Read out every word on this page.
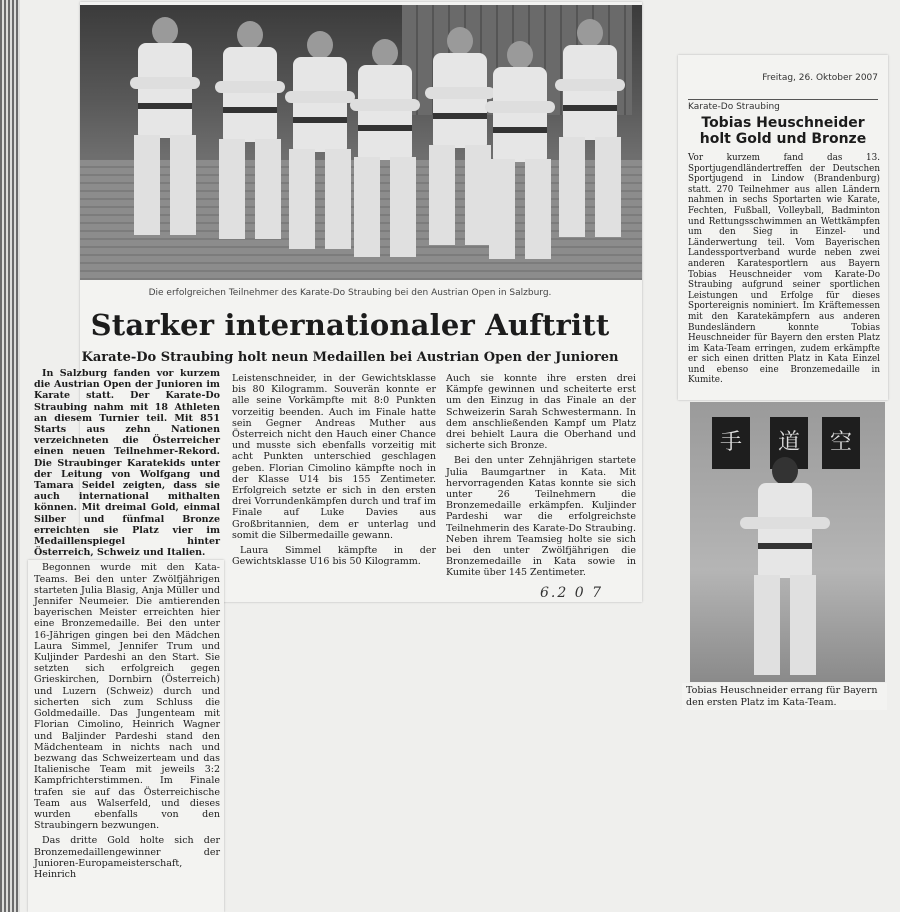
Die erfolgreichen Teilnehmer des Karate-Do Straubing bei den Austrian Open in Salzburg.
Starker internationaler Auftritt
Karate-Do Straubing holt neun Medaillen bei Austrian Open der Junioren

In Salzburg fanden vor kurzem die Austrian Open der Junioren im Karate statt. Der Karate-Do Straubing nahm mit 18 Athleten an diesem Turnier teil. Mit 851 Starts aus zehn Nationen verzeichneten die Österreicher einen neuen Teilnehmer-Rekord. Die Straubinger Karatekids unter der Leitung von Wolfgang und Tamara Seidel zeigten, dass sie auch international mithalten können. Mit dreimal Gold, einmal Silber und fünfmal Bronze erreichten sie Platz vier im Medaillenspiegel hinter Österreich, Schweiz und Italien.

Begonnen wurde mit den Kata-Teams. Bei den unter Zwölfjährigen starteten Julia Blasig, Anja Müller und Jennifer Neumeier. Die amtierenden bayerischen Meister erreichten hier eine Bronzemedaille. Bei den unter 16-Jährigen gingen bei den Mädchen Laura Simmel, Jennifer Trum und Kuljinder Pardeshi an den Start. Sie setzten sich erfolgreich gegen Grieskirchen, Dornbirn (Österreich) und Luzern (Schweiz) durch und sicherten sich zum Schluss die Goldmedaille. Das Jungenteam mit Florian Cimolino, Heinrich Wagner und Baljinder Pardeshi stand den Mädchenteam in nichts nach und bezwang das Schweizerteam und das Italienische Team mit jeweils 3:2 Kampfrichterstimmen. Im Finale trafen sie auf das Österreichische Team aus Walserfeld, und dieses wurden ebenfalls von den Straubingern bezwungen.

Das dritte Gold holte sich der Bronzemedaillengewinner der Junioren-Europameisterschaft, Heinrich

Leistenschneider, in der Gewichtsklasse bis 80 Kilogramm. Souverän konnte er alle seine Vorkämpfte mit 8:0 Punkten vorzeitig beenden. Auch im Finale hatte sein Gegner Andreas Muther aus Österreich nicht den Hauch einer Chance und musste sich ebenfalls vorzeitig mit acht Punkten unterschied geschlagen geben. Florian Cimolino kämpfte noch in der Klasse U14 bis 155 Zentimeter. Erfolgreich setzte er sich in den ersten drei Vorrundenkämpfen durch und traf im Finale auf Luke Davies aus Großbritannien, dem er unterlag und somit die Silbermedaille gewann.

Laura Simmel kämpfte in der Gewichtsklasse U16 bis 50 Kilogramm.

Auch sie konnte ihre ersten drei Kämpfe gewinnen und scheiterte erst um den Einzug in das Finale an der Schweizerin Sarah Schwestermann. In dem anschließenden Kampf um Platz drei behielt Laura die Oberhand und sicherte sich Bronze.

Bei den unter Zehnjährigen startete Julia Baumgartner in Kata. Mit hervorragenden Katas konnte sie sich unter 26 Teilnehmern die Bronzemedaille erkämpfen. Kuljinder Pardeshi war die erfolgreichste Teilnehmerin des Karate-Do Straubing. Neben ihrem Teamsieg holte sie sich bei den unter Zwölfjährigen die Bronzemedaille in Kata sowie in Kumite über 145 Zentimeter.

6.2 0 7
Freitag, 26. Oktober 2007
Karate-Do Straubing
Tobias Heuschneider holt Gold und Bronze
Vor kurzem fand das 13. Sportjugendländertreffen der Deutschen Sportjugend in Lindow (Brandenburg) statt. 270 Teilnehmer aus allen Ländern nahmen in sechs Sportarten wie Karate, Fechten, Fußball, Volleyball, Badminton und Rettungsschwimmen an Wettkämpfen um den Sieg in Einzel- und Länderwertung teil. Vom Bayerischen Landessportverband wurde neben zwei anderen Karatesportlern aus Bayern Tobias Heuschneider vom Karate-Do Straubing aufgrund seiner sportlichen Leistungen und Erfolge für dieses Sportereignis nominiert. Im Kräftemessen mit den Karatekämpfern aus anderen Bundesländern konnte Tobias Heuschneider für Bayern den ersten Platz im Kata-Team erringen, zudem erkämpfte er sich einen dritten Platz in Kata Einzel und ebenso eine Bronzemedaille in Kumite.
手	道	空
Tobias Heuschneider errang für Bayern den ersten Platz im Kata-Team.
